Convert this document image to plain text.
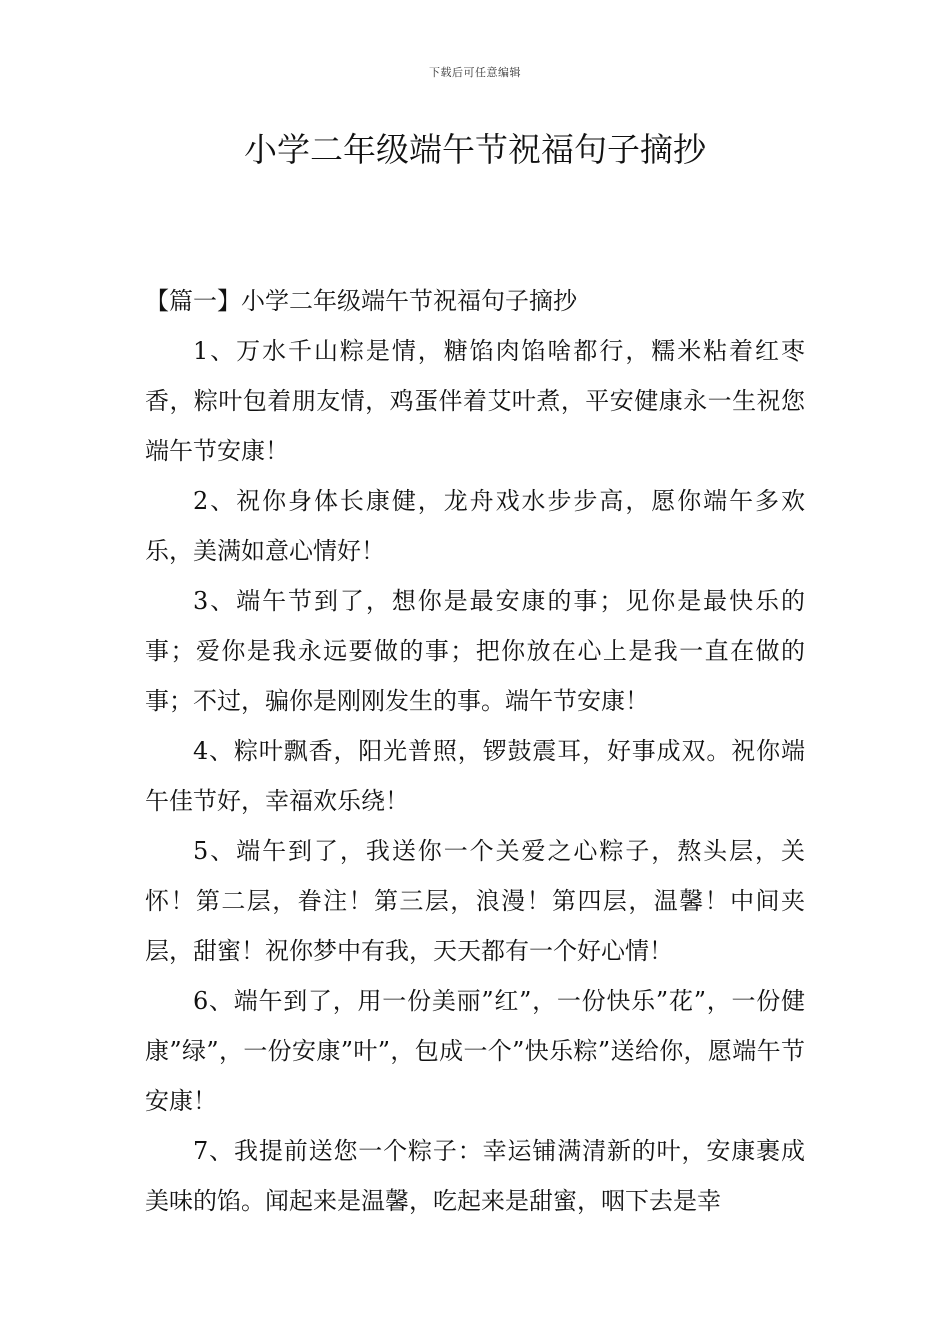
下载后可任意编辑
小学二年级端午节祝福句子摘抄

【篇一】小学二年级端午节祝福句子摘抄

1、万水千山粽是情，糖馅肉馅啥都行，糯米粘着红枣香，粽叶包着朋友情，鸡蛋伴着艾叶煮，平安健康永一生祝您端午节安康！

2、祝你身体长康健，龙舟戏水步步高，愿你端午多欢乐，美满如意心情好！

3、端午节到了，想你是最安康的事；见你是最快乐的事；爱你是我永远要做的事；把你放在心上是我一直在做的事；不过，骗你是刚刚发生的事。端午节安康！

4、粽叶飘香，阳光普照，锣鼓震耳，好事成双。祝你端午佳节好，幸福欢乐绕！

5、端午到了，我送你一个关爱之心粽子，熬头层，关怀！第二层，眷注！第三层，浪漫！第四层，温馨！中间夹层，甜蜜！祝你梦中有我，天天都有一个好心情！

6、端午到了，用一份美丽”红”，一份快乐”花”，一份健康”绿”，一份安康”叶”，包成一个”快乐粽”送给你，愿端午节安康！

7、我提前送您一个粽子：幸运铺满清新的叶，安康裹成美味的馅。闻起来是温馨，吃起来是甜蜜，咽下去是幸
